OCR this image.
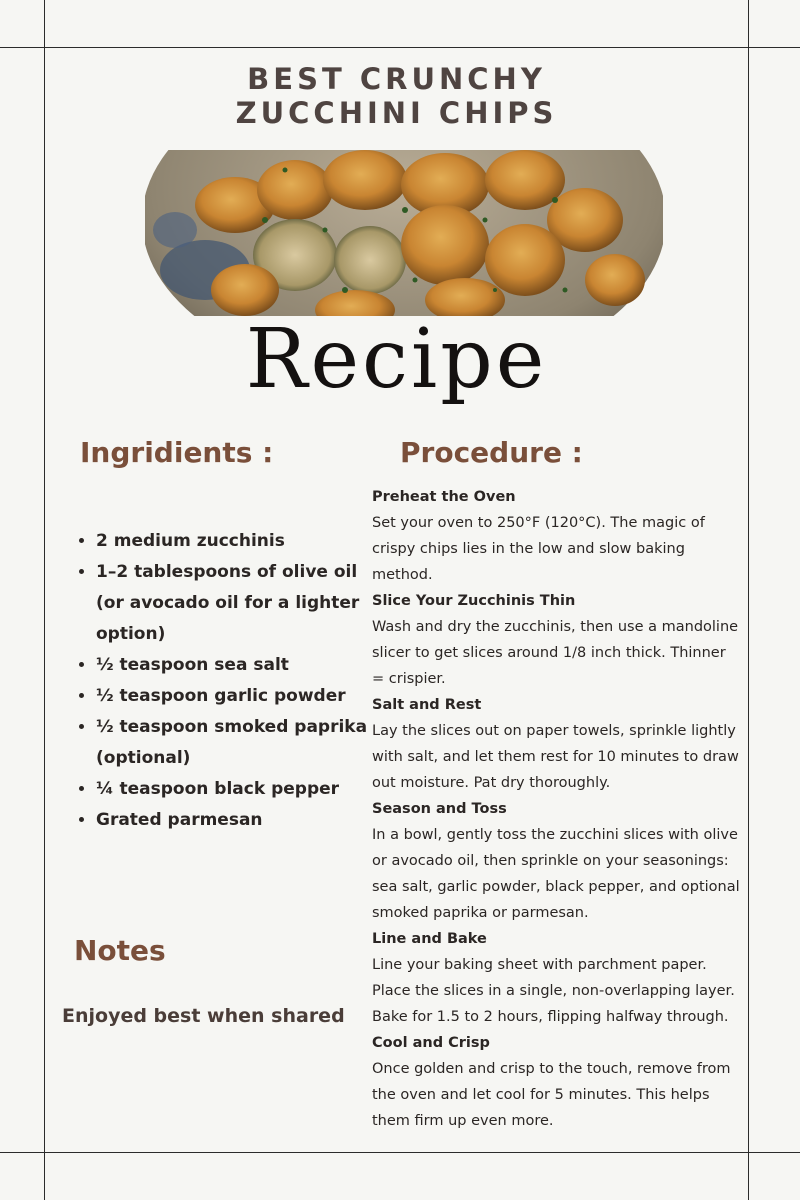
BEST CRUNCHY
ZUCCHINI CHIPS
Recipe
Ingridients :	Procedure :
• 2 medium zucchinis
• 1–2 tablespoons of olive oil (or avocado oil for a lighter option)
• ½ teaspoon sea salt
• ½ teaspoon garlic powder
• ½ teaspoon smoked paprika (optional)
• ¼ teaspoon black pepper
• Grated parmesan
Notes

Enjoyed best when shared

Preheat the Oven
Set your oven to 250°F (120°C). The magic of crispy chips lies in the low and slow baking method.
Slice Your Zucchinis Thin
Wash and dry the zucchinis, then use a mandoline slicer to get slices around 1/8 inch thick. Thinner = crispier.
Salt and Rest
Lay the slices out on paper towels, sprinkle lightly with salt, and let them rest for 10 minutes to draw out moisture. Pat dry thoroughly.
Season and Toss
In a bowl, gently toss the zucchini slices with olive or avocado oil, then sprinkle on your seasonings: sea salt, garlic powder, black pepper, and optional smoked paprika or parmesan.
Line and Bake
Line your baking sheet with parchment paper. Place the slices in a single, non-overlapping layer. Bake for 1.5 to 2 hours, flipping halfway through.
Cool and Crisp
Once golden and crisp to the touch, remove from the oven and let cool for 5 minutes. This helps them firm up even more.
